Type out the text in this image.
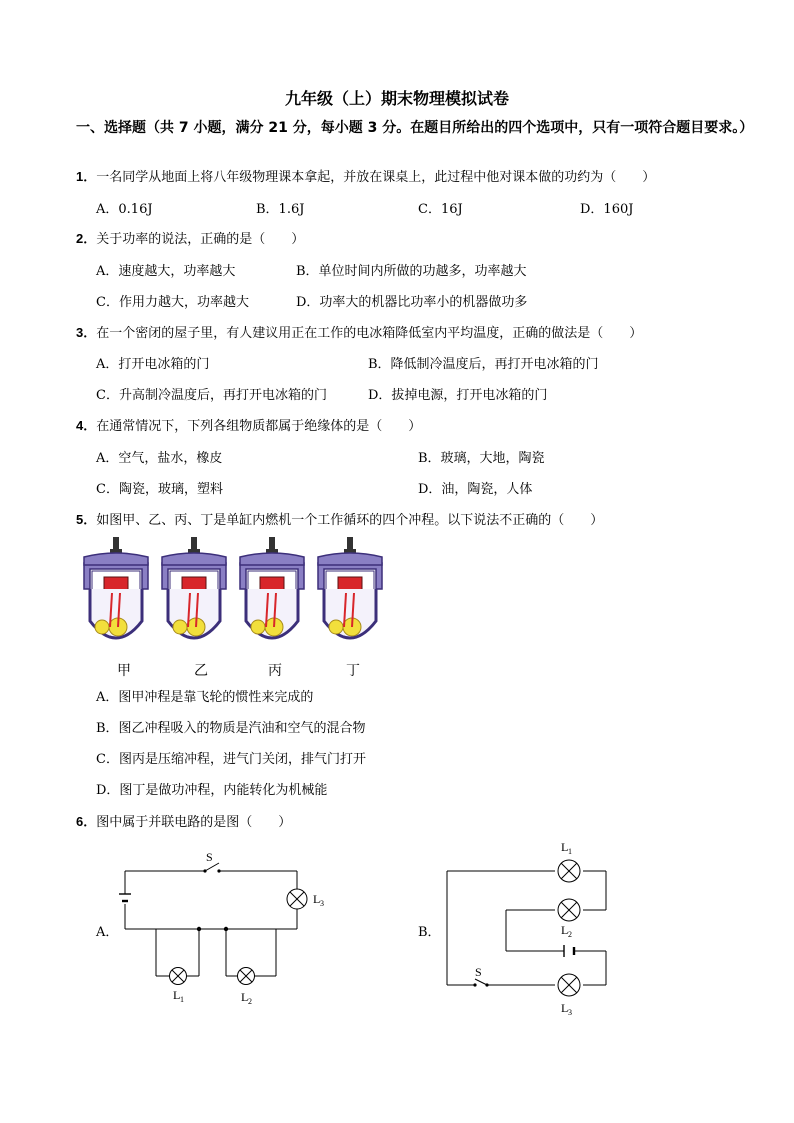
九年级（上）期末物理模拟试卷
一、选择题（共 7 小题，满分 21 分，每小题 3 分。在题目所给出的四个选项中，只有一项符合题目要求。）
1．一名同学从地面上将八年级物理课本拿起，并放在课桌上，此过程中他对课本做的功约为（　　）
A．0.16J	B．1.6J	C．16J	D．160J
2．关于功率的说法，正确的是（　　）
A．速度越大，功率越大	B．单位时间内所做的功越多，功率越大
C．作用力越大，功率越大	D．功率大的机器比功率小的机器做功多
3．在一个密闭的屋子里，有人建议用正在工作的电冰箱降低室内平均温度，正确的做法是（　　）
A．打开电冰箱的门	B．降低制冷温度后，再打开电冰箱的门
C．升高制冷温度后，再打开电冰箱的门	D．拔掉电源，打开电冰箱的门
4．在通常情况下，下列各组物质都属于绝缘体的是（　　）
A．空气，盐水，橡皮	B．玻璃，大地，陶瓷
C．陶瓷，玻璃，塑料	D．油，陶瓷，人体
5．如图甲、乙、丙、丁是单缸内燃机一个工作循环的四个冲程。以下说法不正确的（　　）
甲	乙	丙	丁
A．图甲冲程是靠飞轮的惯性来完成的
B．图乙冲程吸入的物质是汽油和空气的混合物
C．图丙是压缩冲程，进气门关闭，排气门打开
D．图丁是做功冲程，内能转化为机械能
6．图中属于并联电路的是图（　　）
A．	B．
S
L 3
L 1	L 2
S
L 1
L 2
L 3
